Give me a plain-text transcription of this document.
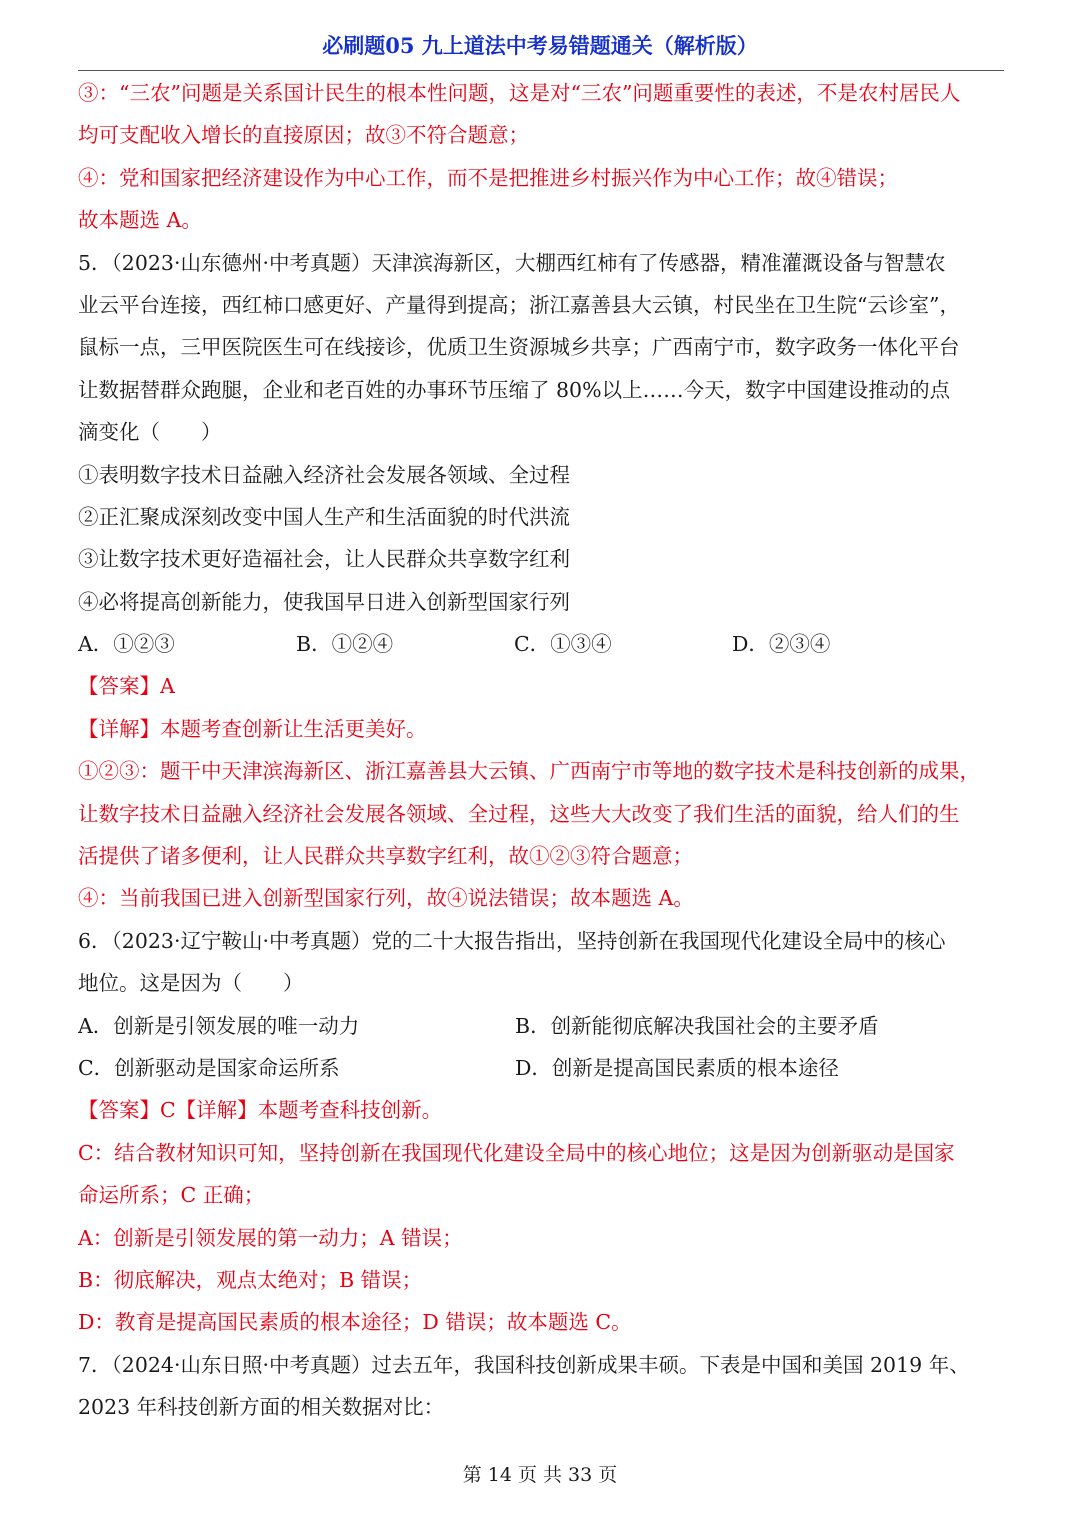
必刷题05 九上道法中考易错题通关（解析版）
③：“三农”问题是关系国计民生的根本性问题，这是对“三农”问题重要性的表述，不是农村居民人
均可支配收入增长的直接原因；故③不符合题意；
④：党和国家把经济建设作为中心工作，而不是把推进乡村振兴作为中心工作；故④错误；
故本题选 A。
5．（2023·山东德州·中考真题）天津滨海新区，大棚西红柿有了传感器，精准灌溉设备与智慧农
业云平台连接，西红柿口感更好、产量得到提高；浙江嘉善县大云镇，村民坐在卫生院“云诊室”，
鼠标一点，三甲医院医生可在线接诊，优质卫生资源城乡共享；广西南宁市，数字政务一体化平台
让数据替群众跑腿，企业和老百姓的办事环节压缩了 80%以上……今天，数字中国建设推动的点
滴变化（　　）
①表明数字技术日益融入经济社会发展各领域、全过程
②正汇聚成深刻改变中国人生产和生活面貌的时代洪流
③让数字技术更好造福社会，让人民群众共享数字红利
④必将提高创新能力，使我国早日进入创新型国家行列
A．①②③	B．①②④	C．①③④	D．②③④
【答案】A
【详解】本题考查创新让生活更美好。
①②③：题干中天津滨海新区、浙江嘉善县大云镇、广西南宁市等地的数字技术是科技创新的成果，
让数字技术日益融入经济社会发展各领域、全过程，这些大大改变了我们生活的面貌，给人们的生
活提供了诸多便利，让人民群众共享数字红利，故①②③符合题意；
④：当前我国已进入创新型国家行列，故④说法错误；故本题选 A。
6．（2023·辽宁鞍山·中考真题）党的二十大报告指出，坚持创新在我国现代化建设全局中的核心
地位。这是因为（　　）
A．创新是引领发展的唯一动力	B．创新能彻底解决我国社会的主要矛盾
C．创新驱动是国家命运所系	D．创新是提高国民素质的根本途径
【答案】C【详解】本题考查科技创新。
C：结合教材知识可知，坚持创新在我国现代化建设全局中的核心地位；这是因为创新驱动是国家
命运所系；C 正确；
A：创新是引领发展的第一动力；A 错误；
B：彻底解决，观点太绝对；B 错误；
D：教育是提高国民素质的根本途径；D 错误；故本题选 C。
7．（2024·山东日照·中考真题）过去五年，我国科技创新成果丰硕。下表是中国和美国 2019 年、
2023 年科技创新方面的相关数据对比：
第 14 页 共 33 页
